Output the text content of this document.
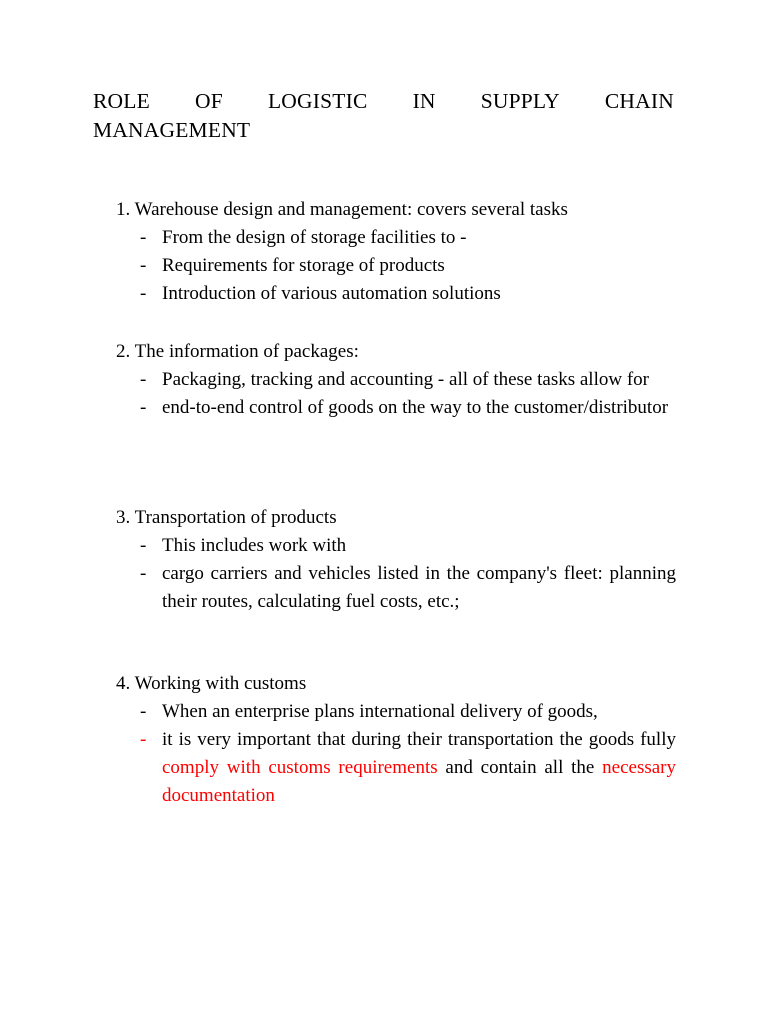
ROLE OF LOGISTIC IN SUPPLY CHAIN
MANAGEMENT
1. Warehouse design and management: covers several tasks
- From the design of storage facilities to -
- Requirements for storage of products
- Introduction of various automation solutions
2. The information of packages:
- Packaging, tracking and accounting - all of these tasks allow for
- end-to-end control of goods on the way to the customer/distributor
3. Transportation of products
- This includes work with
- cargo carriers and vehicles listed in the company's fleet: planning their routes, calculating fuel costs, etc.;
4. Working with customs
- When an enterprise plans international delivery of goods,
- it is very important that during their transportation the goods fully comply with customs requirements and contain all the necessary documentation
